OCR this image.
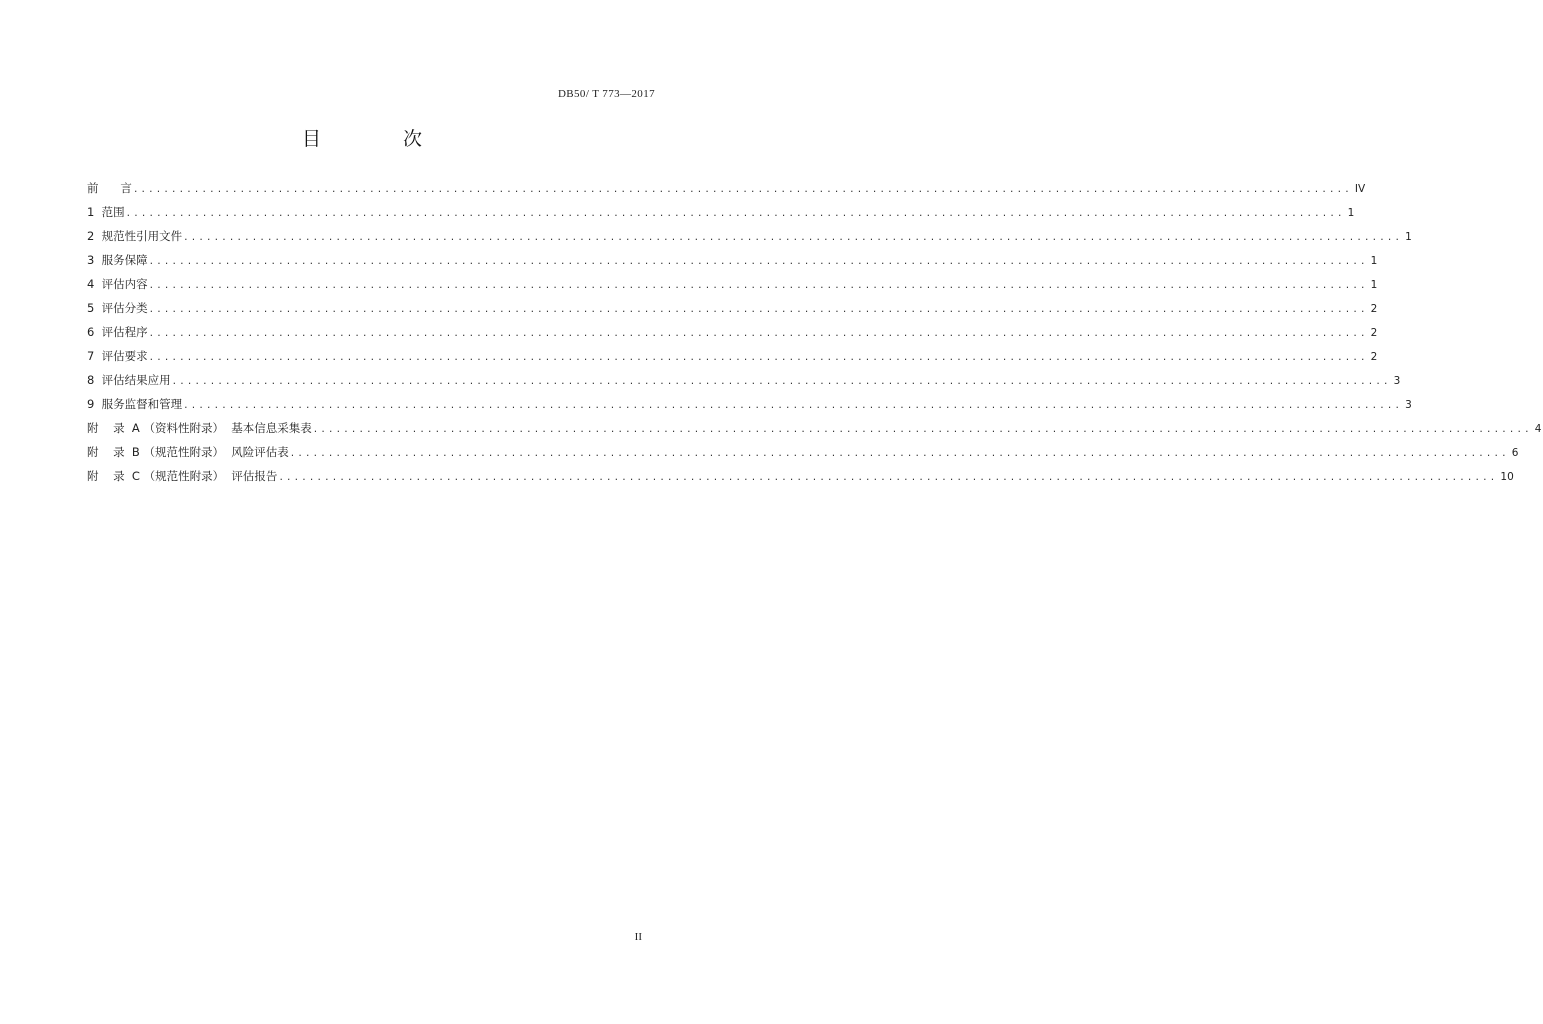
DB50/ T 773—2017
目 次
前      言 ................................................................................................................................................................ IV
1  范围 ................................................................................................................................................................ 1
2  规范性引用文件 ................................................................................................................................................................ 1
3  服务保障 ................................................................................................................................................................ 1
4  评估内容 ................................................................................................................................................................ 1
5  评估分类 ................................................................................................................................................................ 2
6  评估程序 ................................................................................................................................................................ 2
7  评估要求 ................................................................................................................................................................ 2
8  评估结果应用 ................................................................................................................................................................ 3
9  服务监督和管理 ................................................................................................................................................................ 3
附    录  A （资料性附录）  基本信息采集表 ................................................................................................................................................................ 4
附    录  B （规范性附录）  风险评估表 ................................................................................................................................................................ 6
附    录  C （规范性附录）  评估报告 ................................................................................................................................................................ 10
II
